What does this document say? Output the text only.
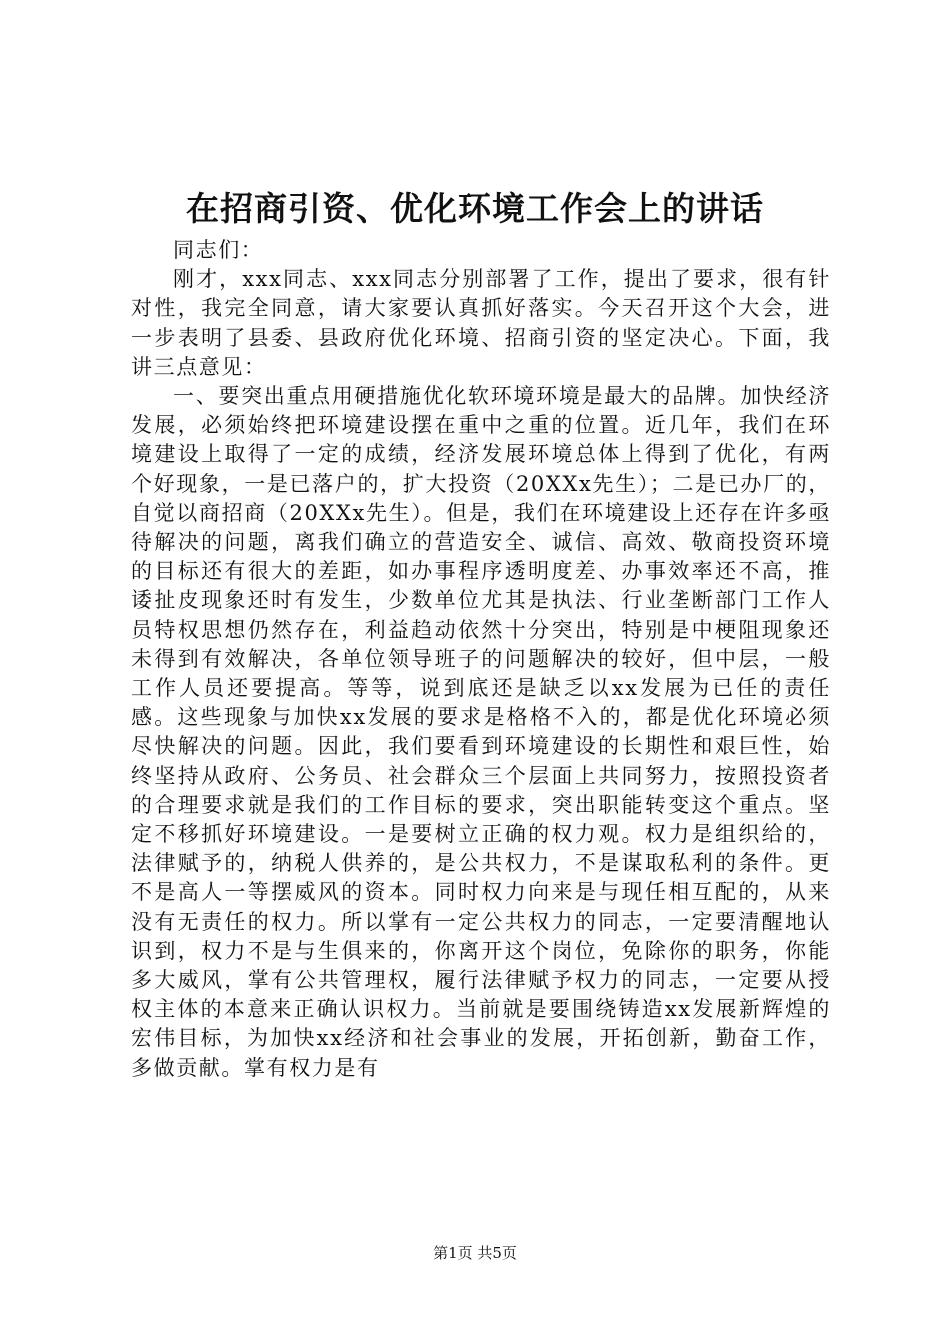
在招商引资、优化环境工作会上的讲话

同志们：

刚才，xxx同志、xxx同志分别部署了工作，提出了要求，很有针对性，我完全同意，请大家要认真抓好落实。今天召开这个大会，进一步表明了县委、县政府优化环境、招商引资的坚定决心。下面，我讲三点意见：

一、要突出重点用硬措施优化软环境环境是最大的品牌。加快经济发展，必须始终把环境建设摆在重中之重的位置。近几年，我们在环境建设上取得了一定的成绩，经济发展环境总体上得到了优化，有两个好现象，一是已落户的，扩大投资（20XXx先生）；二是已办厂的，自觉以商招商（20XXx先生）。但是，我们在环境建设上还存在许多亟待解决的问题，离我们确立的营造安全、诚信、高效、敬商投资环境的目标还有很大的差距，如办事程序透明度差、办事效率还不高，推诿扯皮现象还时有发生，少数单位尤其是执法、行业垄断部门工作人员特权思想仍然存在，利益趋动依然十分突出，特别是中梗阻现象还未得到有效解决，各单位领导班子的问题解决的较好，但中层，一般工作人员还要提高。等等，说到底还是缺乏以xx发展为已任的责任感。这些现象与加快xx发展的要求是格格不入的，都是优化环境必须尽快解决的问题。因此，我们要看到环境建设的长期性和艰巨性，始终坚持从政府、公务员、社会群众三个层面上共同努力，按照投资者的合理要求就是我们的工作目标的要求，突出职能转变这个重点。坚定不移抓好环境建设。一是要树立正确的权力观。权力是组织给的，法律赋予的，纳税人供养的，是公共权力，不是谋取私利的条件。更不是高人一等摆威风的资本。同时权力向来是与现任相互配的，从来没有无责任的权力。所以掌有一定公共权力的同志，一定要清醒地认识到，权力不是与生俱来的，你离开这个岗位，免除你的职务，你能多大威风，掌有公共管理权，履行法律赋予权力的同志，一定要从授权主体的本意来正确认识权力。当前就是要围绕铸造xx发展新辉煌的宏伟目标，为加快xx经济和社会事业的发展，开拓创新，勤奋工作，多做贡献。掌有权力是有

第1页 共5页
